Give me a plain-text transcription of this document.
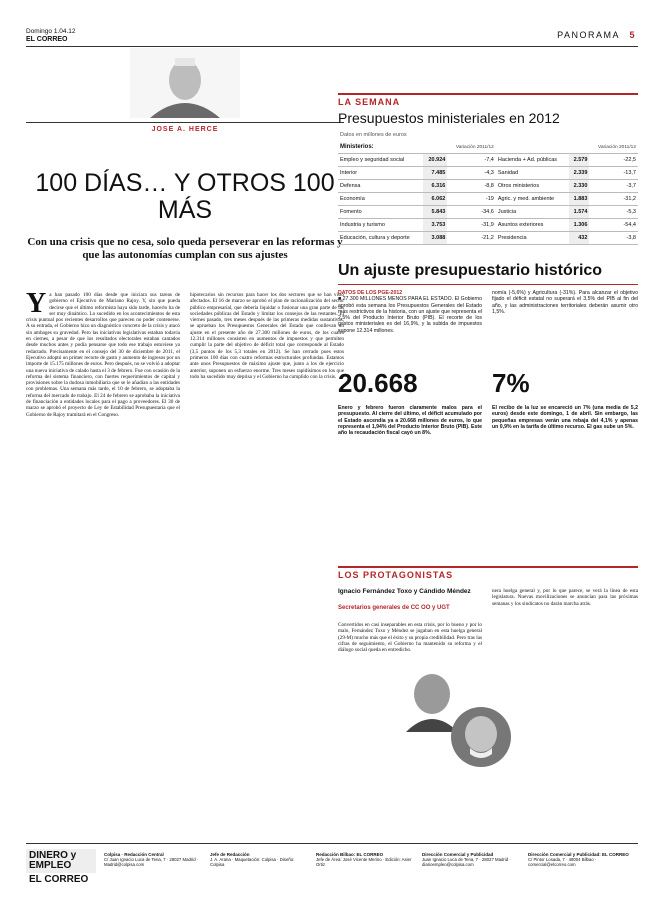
Domingo 1.04.12
EL CORREO	PANORAMA 5
JOSE A. HERCE
100 DÍAS… Y OTROS 100 MÁS
Con una crisis que no cesa, solo queda perseverar en las reformas y que las autonomías cumplan con sus ajustes
Ya han pasado 100 días desde que iniciara sus tareas de gobierno el Ejecutivo de Mariano Rajoy. Y, sin que pueda decirse que el último reformista haya sido tarde, hacerlo ha de ser muy dinámico. Lo sucedido en los acontecimientos de esta crisis puntual pos recientes desarrollos que parecen no poder contenerse. A su entrada, el Gobierno hizo un diagnóstico concreto de la crisis y atacó sin ambages su gravedad. Pero las iniciativas legislativas estaban todavía en ciernes, a pesar de que los resultados electorales estaban cantados desde muchos antes y podía pensarse que todo ese trabajo estuviese ya redactado. Precisamente en el consejo del 30 de diciembre de 2011, el Ejecutivo adoptó un primer recorte de gasto y aumento de ingresos por un importe de 15.175 millones de euros. Pero después, no se volvió a adoptar una nueva iniciativa de calado hasta el 3 de febrero. Fue con ocasión de la reforma del sistema financiero, con fuertes requerimientos de capital y provisiones sobre la dudosa inmobiliaria que se le añadían a las entidades con problemas. Una semana más tarde, el 10 de febrero, se adoptaba la reforma del mercado de trabajo. El 24 de febrero se aprobaba la iniciativa de financiación a entidades locales para el pago a proveedores. El 30 de marzo se aprobó el proyecto de Ley de Estabilidad Presupuestaria que el Gobierno de Rajoy tramitará en el Congreso.
hipotecarios sin recursos para hacer los dos sectores que se han visto afectados. El 16 de marzo se aprobó el plan de racionalización del sector público empresarial, que debería liquidar o fusionar una gran parte de las sociedades públicas del Estado y limitar los consejos de las restantes. El viernes pasado, tres meses después de las primeras medidas sustantivas, se aprueban los Presupuestos Generales del Estado que conllevan un ajuste en el presente año de 27.300 millones de euros, de los cuales 12.314 millones consisten en aumentos de impuestos y que permiten cumplir la parte del objetivo de déficit total que corresponde al Estado (3,5 puntos de los 5,3 totales en 2012). Se han cerrado pues estos primeros 100 días con cuatro reformas estructurales profundas. Estamos ante unos Presupuestos de máximo ajuste que, junto a los de ejercicio anterior, suponen un esfuerzo enorme. Tres meses rapidísimos en los que todo ha sucedido muy deprisa y el Gobierno ha cumplido con la crisis.
LA SEMANA
Presupuestos ministeriales en 2012
Datos en millones de euros
Ministerios:		Variación 2011/12			Variación 2011/12
Empleo y seguridad social	20.924	-7,4	Hacienda + Ad. públicas	2.579	-22,5
Interior	7.485	-4,3	Sanidad	2.339	-13,7
Defensa	6.316	-8,8	Otros ministerios	2.330	-3,7
Economía	6.062	-19	Agric. y med. ambiente	1.883	-31,2
Fomento	5.843	-34,6	Justicia	1.574	-5,3
Industria y turismo	3.753	-31,9	Asuntos exteriores	1.306	-54,4
Educación, cultura y deporte	3.088	-21,2	Presidencia	432	-3,8
Un ajuste presupuestario histórico
DATOS DE LOS PGE-2012
■ 27.300 MILLONES MENOS PARA EL ESTADO. El Gobierno aprobó esta semana los Presupuestos Generales del Estado más restrictivos de la historia, con un ajuste que representa el 2,5% del Producto Interior Bruto (PIB). El recorte de los gastos ministeriales es del 16,9%, y la subida de impuestos supone 12.314 millones.
nomía (-5,6%) y Agricultura (-31%). Para alcanzar el objetivo fijado el déficit estatal no superará el 3,5% del PIB al fin del año, y las administraciones territoriales deberán asumir otro 1,5%.
20.668	7%
Enero y febrero fueron claramente malos para el presupuesto. Al cierre del último, el déficit acumulado por el Estado ascendía ya a 20.668 millones de euros, lo que representa el 1,94% del Producto Interior Bruto (PIB). Este año la recaudación fiscal cayó un 8%.
El recibo de la luz se encareció un 7% (una media de 5,2 euros) desde este domingo, 1 de abril. Sin embargo, las pequeñas empresas verán una rebaja del 4,1% y apenas un 0,9% en la tarifa de último recurso. El gas sube un 5%.
LOS PROTAGONISTAS
Ignacio Fernández Toxo y Cándido Méndez
Secretarios generales de CC OO y UGT
Convertidos en casi inseparables en esta crisis, por lo bueno y por lo malo, Fernández Toxo y Méndez se jugaban en esta huelga general (29-M) mucho más que el éxito y su propia credibilidad. Pero tras las cifras de seguimiento, el Gobierno ha mantenido su reforma y el diálogo social queda en entredicho.
nera huelga general y, por lo que parece, se verá la línea de esta legislatura. Nuevas movilizaciones se anuncian para las próximas semanas y los sindicatos no darán marcha atrás.
DINERO y EMPLEO
EL CORREO
Colpisa · Redacción Central
C/ Juan Ignacio Luca de Tena, 7 · 28027 Madrid · Madrid@colpisa.com
Jefe de Redacción
J. A. Arana · Maquetación: Colpisa · Diseño: Colpisa
Redacción Bilbao: EL CORREO
Jefe de Área: José Vicente Merino · Edición: Asier Ortiz
Dirección Comercial y Publicidad
Juan Ignacio Luca de Tena, 7 · 28027 Madrid · diarioempleo@colpisa.com
Dirección Comercial y Publicidad: EL CORREO
C/ Pintor Losada, 7 · 48004 Bilbao · comercial@elcorreo.com
